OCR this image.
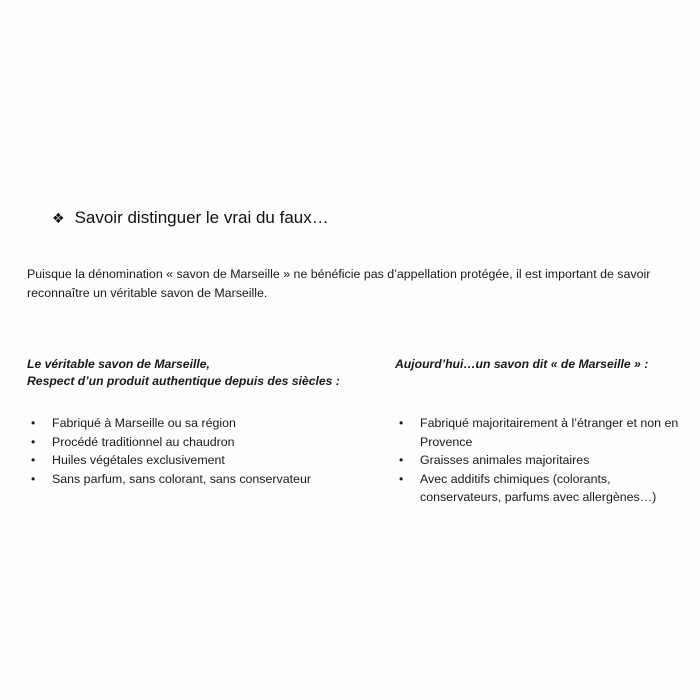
❖ Savoir distinguer le vrai du faux…
Puisque la dénomination « savon de Marseille » ne bénéficie pas d’appellation protégée, il est important de savoir reconnaître un véritable savon de Marseille.

Le véritable savon de Marseille,
Respect d’un produit authentique depuis des siècles :

• Fabriqué à Marseille ou sa région
• Procédé traditionnel au chaudron
• Huiles végétales exclusivement
• Sans parfum, sans colorant, sans conservateur

Aujourd’hui…un savon dit « de Marseille » :

• Fabriqué majoritairement à l’étranger et non en Provence
• Graisses animales majoritaires
• Avec additifs chimiques (colorants, conservateurs, parfums avec allergènes…)
